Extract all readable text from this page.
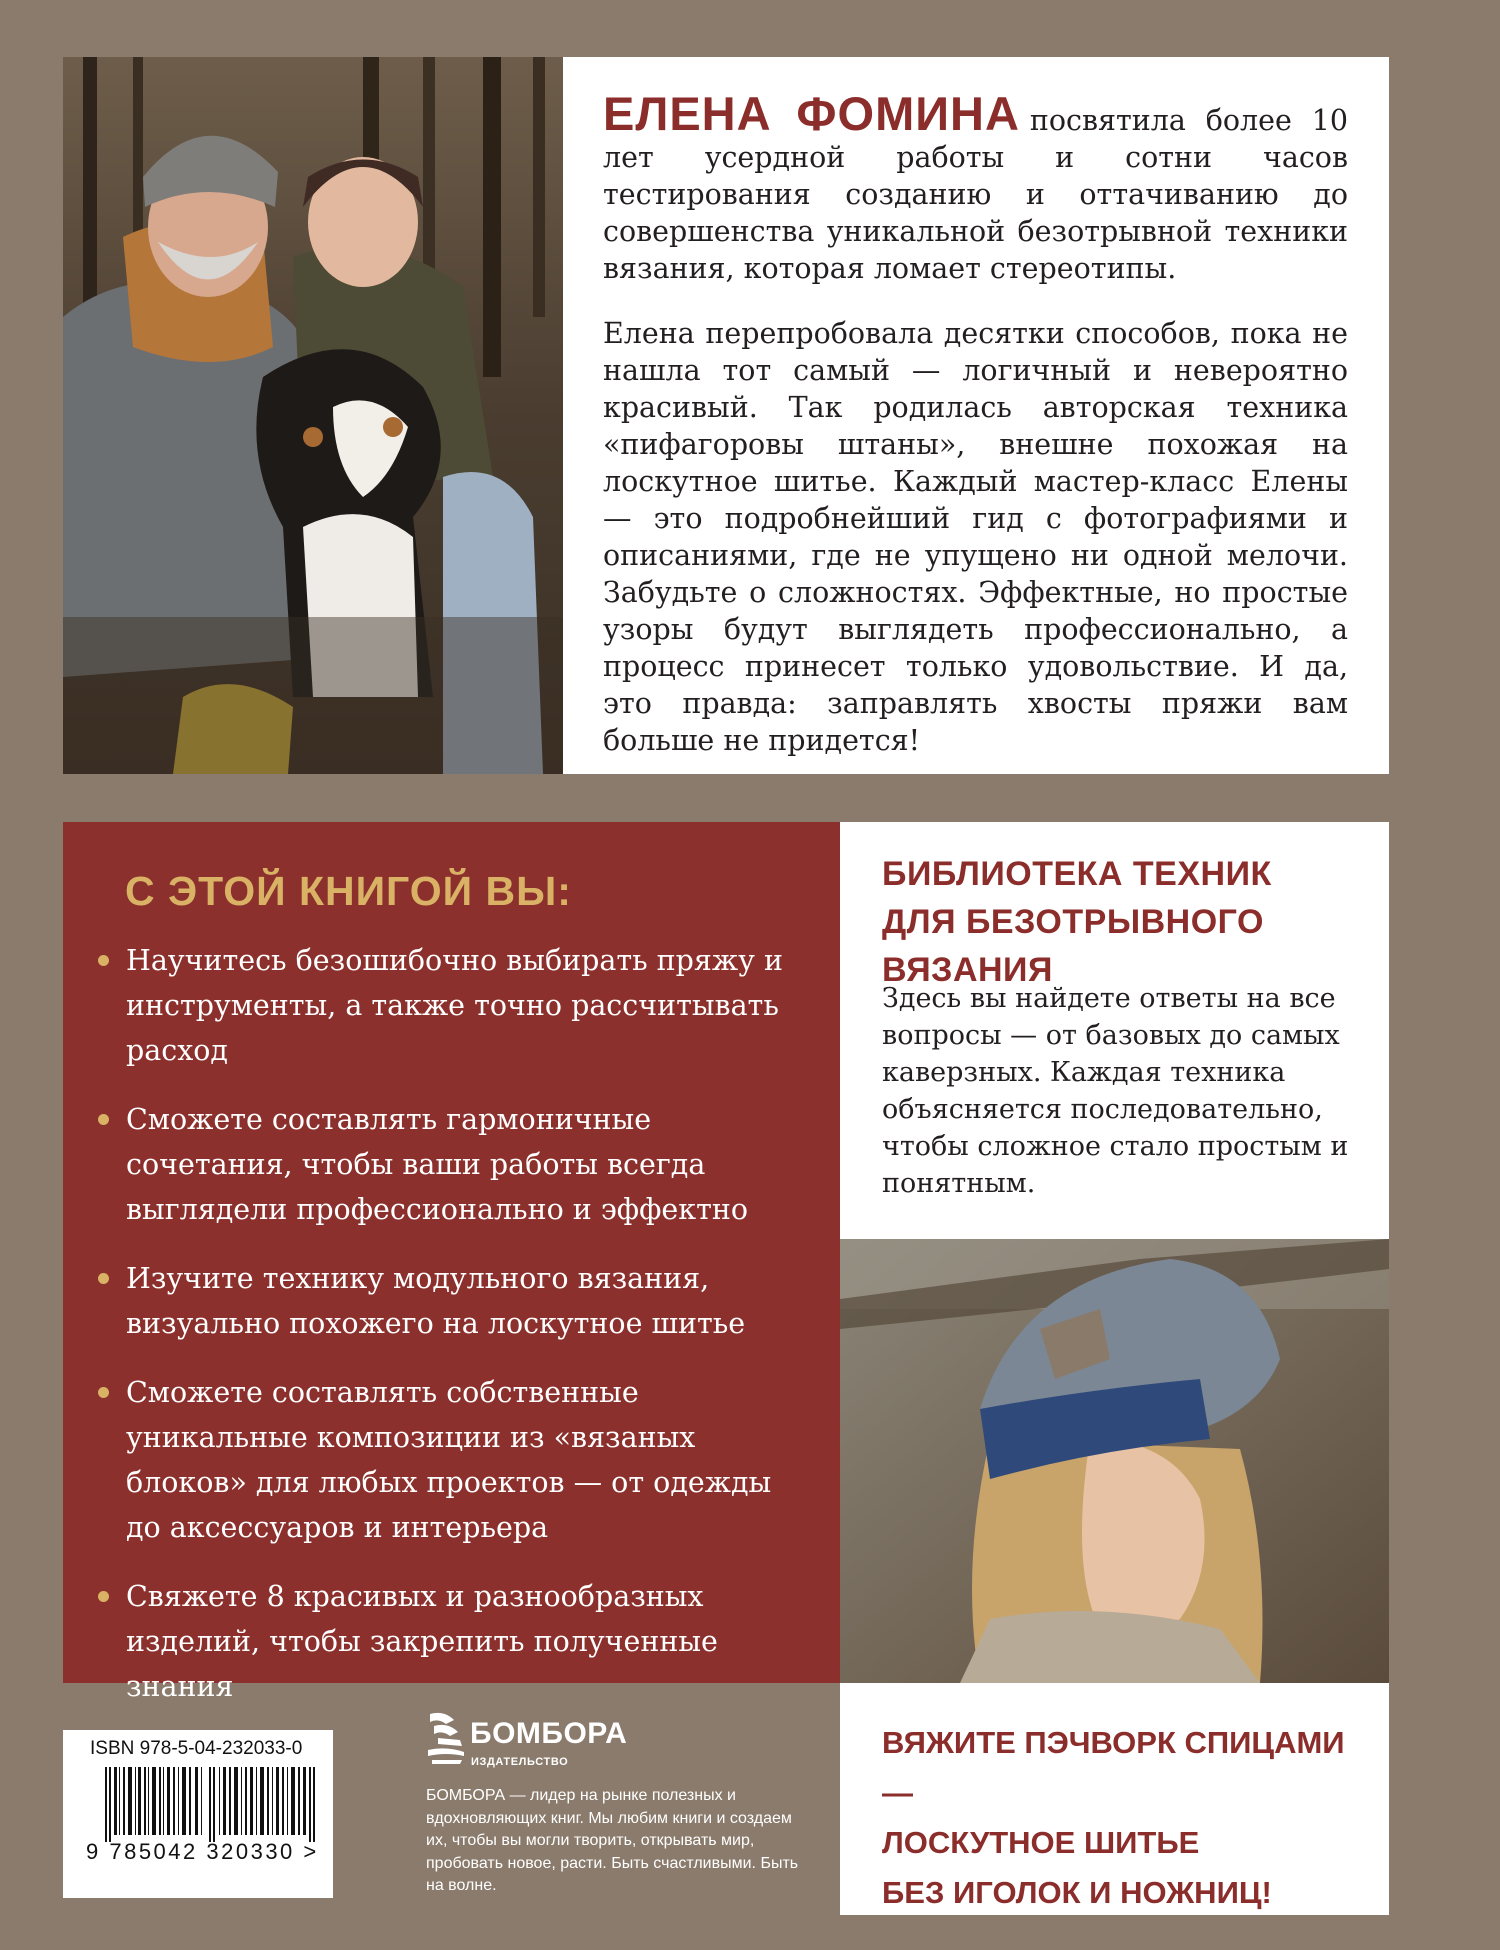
ЕЛЕНА ФОМИНА посвятила более 10 лет усердной работы и сотни часов тестирования созданию и оттачиванию до совершенства уникальной безотрывной техники вязания, которая ломает стереотипы.

Елена перепробовала десятки способов, пока не нашла тот самый — логичный и невероятно красивый. Так родилась авторская техника «пифагоровы штаны», внешне похожая на лоскутное шитье. Каждый мастер-класс Елены — это подробнейший гид с фотографиями и описаниями, где не упущено ни одной мелочи. Забудьте о сложностях. Эффектные, но простые узоры будут выглядеть профессионально, а процесс принесет только удовольствие. И да, это правда: заправлять хвосты пряжи вам больше не придется!

С ЭТОЙ КНИГОЙ ВЫ:
Научитесь безошибочно выбирать пряжу и инструменты, а также точно рассчитывать расход
Сможете составлять гармоничные сочетания, чтобы ваши работы всегда выглядели профессионально и эффектно
Изучите технику модульного вязания, визуально похожего на лоскутное шитье
Сможете составлять собственные уникальные композиции из «вязаных блоков» для любых проектов — от одежды до аксессуаров и интерьера
Свяжете 8 красивых и разнообразных изделий, чтобы закрепить полученные знания
БИБЛИОТЕКА ТЕХНИК
ДЛЯ БЕЗОТРЫВНОГО ВЯЗАНИЯ
Здесь вы найдете ответы на все вопросы — от базовых до самых каверзных. Каждая техника объясняется последовательно, чтобы сложное стало простым и понятным.
ВЯЖИТЕ ПЭЧВОРК СПИЦАМИ —
ЛОСКУТНОЕ ШИТЬЕ
БЕЗ ИГОЛОК И НОЖНИЦ!
ISBN 978-5-04-232033-0
9 785042 320330 >
БОМБОРА
ИЗДАТЕЛЬСТВО
БОМБОРА — лидер на рынке полезных и вдохновляющих книг. Мы любим книги и создаем их, чтобы вы могли творить, открывать мир, пробовать новое, расти. Быть счастливыми. Быть на волне.
